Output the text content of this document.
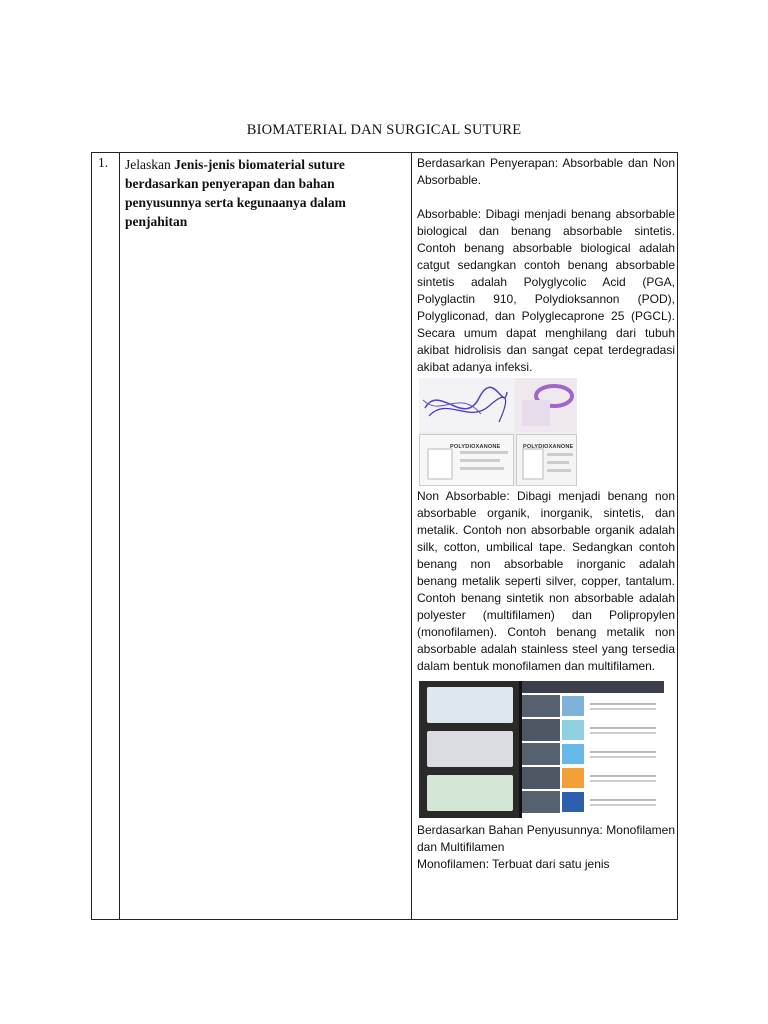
BIOMATERIAL DAN SURGICAL SUTURE
1. Jelaskan Jenis-jenis biomaterial suture berdasarkan penyerapan dan bahan penyusunnya serta kegunaanya dalam penjahitan

Berdasarkan Penyerapan: Absorbable dan Non Absorbable.

Absorbable: Dibagi menjadi benang absorbable biological dan benang absorbable sintetis. Contoh benang absorbable biological adalah catgut sedangkan contoh benang absorbable sintetis adalah Polyglycolic Acid (PGA, Polyglactin 910, Polydioksannon (POD), Polygliconad, dan Polyglecaprone 25 (PGCL). Secara umum dapat menghilang dari tubuh akibat hidrolisis dan sangat cepat terdegradasi akibat adanya infeksi.

POLYDIOXANONE	POLYDIOXANONE

Non Absorbable: Dibagi menjadi benang non absorbable organik, inorganik, sintetis, dan metalik. Contoh non absorbable organik adalah silk, cotton, umbilical tape. Sedangkan contoh benang non absorbable inorganic adalah benang metalik seperti silver, copper, tantalum. Contoh benang sintetik non absorbable adalah polyester (multifilamen) dan Polipropylen (monofilamen). Contoh benang metalik non absorbable adalah stainless steel yang tersedia dalam bentuk monofilamen dan multifilamen.

Berdasarkan Bahan Penyusunnya: Monofilamen dan Multifilamen

Monofilamen: Terbuat dari satu jenis
